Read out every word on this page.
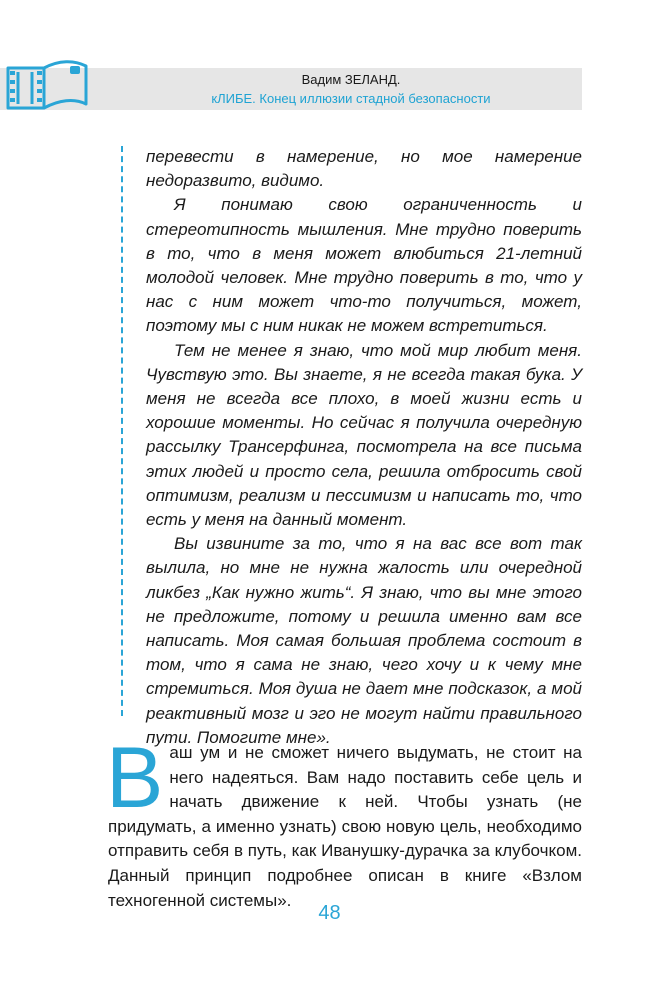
Вадим ЗЕЛАНД.
кЛИБЕ. Конец иллюзии стадной безопасности

перевести в намерение, но мое намерение недоразвито, видимо.

Я понимаю свою ограниченность и стереотипность мышления. Мне трудно поверить в то, что в меня может влюбиться 21-летний молодой человек. Мне трудно поверить в то, что у нас с ним может что-то получиться, может, поэтому мы с ним никак не можем встретиться.

Тем не менее я знаю, что мой мир любит меня. Чувствую это. Вы знаете, я не всегда такая бука. У меня не всегда все плохо, в моей жизни есть и хорошие моменты. Но сейчас я получила очередную рассылку Трансерфинга, посмотрела на все письма этих людей и просто села, решила отбросить свой оптимизм, реализм и пессимизм и написать то, что есть у меня на данный момент.

Вы извините за то, что я на вас все вот так вылила, но мне не нужна жалость или очередной ликбез „Как нужно жить“. Я знаю, что вы мне этого не предложите, потому и решила именно вам все написать. Моя самая большая проблема состоит в том, что я сама не знаю, чего хочу и к чему мне стремиться. Моя душа не дает мне подсказок, а мой реактивный мозг и эго не могут найти правильного пути. Помогите мне».

Ваш ум и не сможет ничего выдумать, не стоит на него надеяться. Вам надо поставить себе цель и начать движение к ней. Чтобы узнать (не придумать, а именно узнать) свою новую цель, необходимо отправить себя в путь, как Иванушку-дурачка за клубочком. Данный принцип подробнее описан в книге «Взлом техногенной системы».
48
